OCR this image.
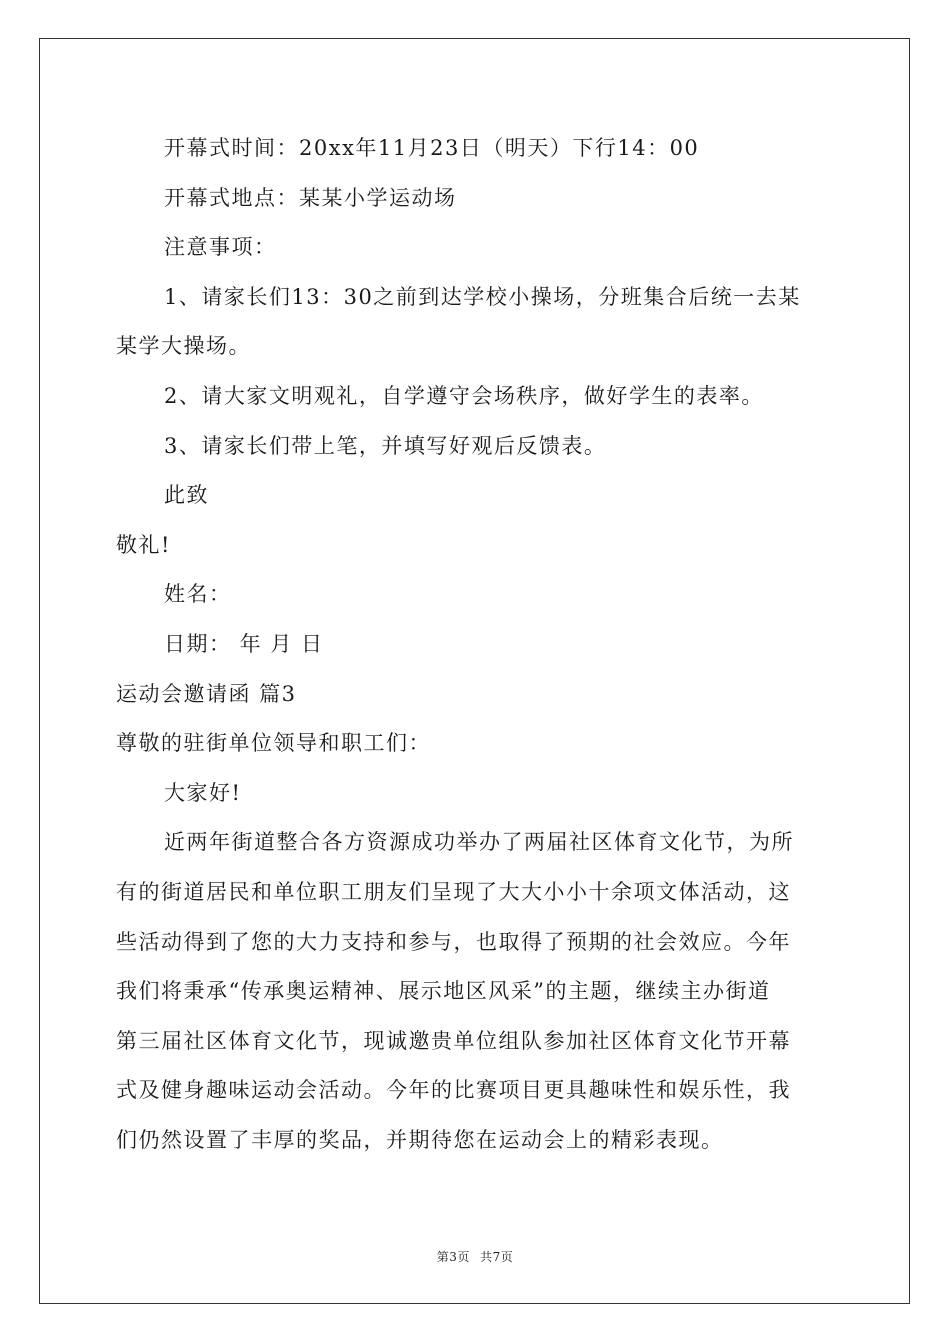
开幕式时间：20xx年11月23日（明天）下行14：00
开幕式地点：某某小学运动场
注意事项：
1、请家长们13：30之前到达学校小操场，分班集合后统一去某
某学大操场。
2、请大家文明观礼，自学遵守会场秩序，做好学生的表率。
3、请家长们带上笔，并填写好观后反馈表。
此致
敬礼!
姓名：
日期： 年 月 日
运动会邀请函 篇3
尊敬的驻街单位领导和职工们：
大家好!
近两年街道整合各方资源成功举办了两届社区体育文化节，为所
有的街道居民和单位职工朋友们呈现了大大小小十余项文体活动，这
些活动得到了您的大力支持和参与，也取得了预期的社会效应。今年
我们将秉承“传承奥运精神、展示地区风采”的主题，继续主办街道
第三届社区体育文化节，现诚邀贵单位组队参加社区体育文化节开幕
式及健身趣味运动会活动。今年的比赛项目更具趣味性和娱乐性，我
们仍然设置了丰厚的奖品，并期待您在运动会上的精彩表现。
第3页 共7页
